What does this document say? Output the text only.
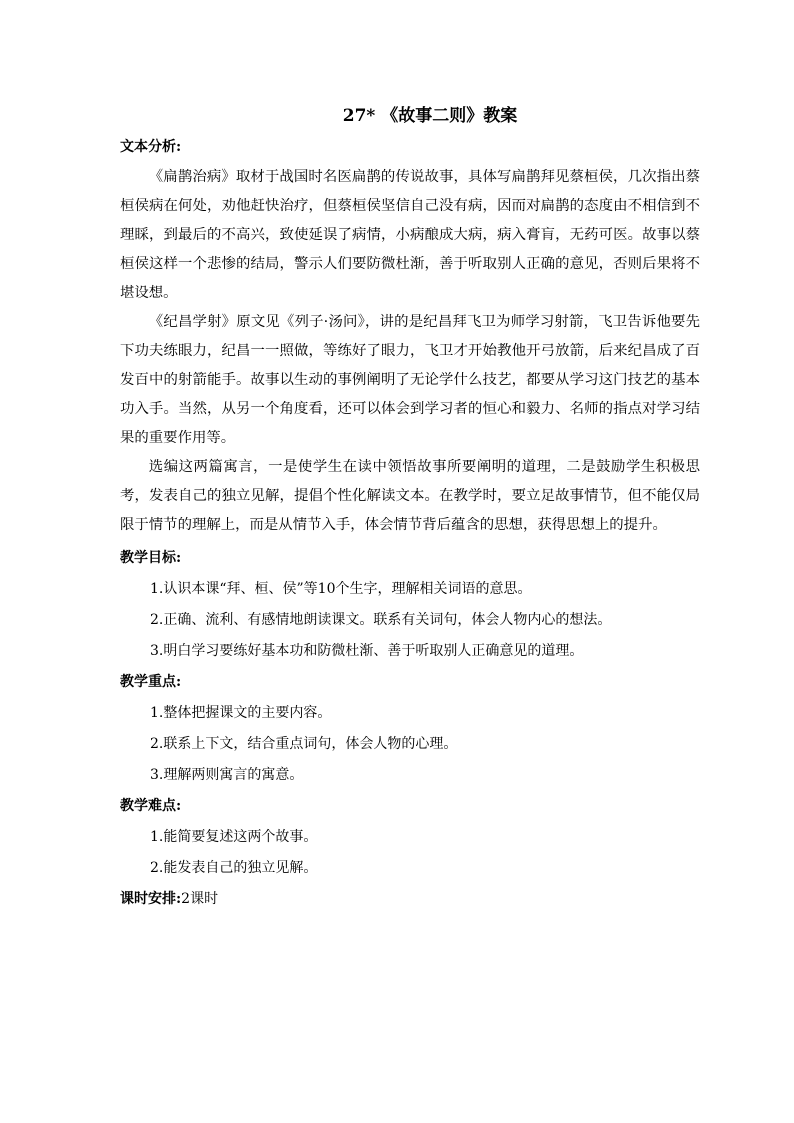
27* 《故事二则》教案
文本分析:

《扁鹊治病》取材于战国时名医扁鹊的传说故事，具体写扁鹊拜见蔡桓侯，几次指出蔡桓侯病在何处，劝他赶快治疗，但蔡桓侯坚信自己没有病，因而对扁鹊的态度由不相信到不理睬，到最后的不高兴，致使延误了病情，小病酿成大病，病入膏肓，无药可医。故事以蔡桓侯这样一个悲惨的结局，警示人们要防微杜渐，善于听取别人正确的意见，否则后果将不堪设想。

《纪昌学射》原文见《列子·汤问》，讲的是纪昌拜飞卫为师学习射箭，飞卫告诉他要先下功夫练眼力，纪昌一一照做，等练好了眼力，飞卫才开始教他开弓放箭，后来纪昌成了百发百中的射箭能手。故事以生动的事例阐明了无论学什么技艺，都要从学习这门技艺的基本功入手。当然，从另一个角度看，还可以体会到学习者的恒心和毅力、名师的指点对学习结果的重要作用等。

选编这两篇寓言，一是使学生在读中领悟故事所要阐明的道理，二是鼓励学生积极思考，发表自己的独立见解，提倡个性化解读文本。在教学时，要立足故事情节，但不能仅局限于情节的理解上，而是从情节入手，体会情节背后蕴含的思想，获得思想上的提升。

教学目标:
1.认识本课“拜、桓、侯”等10个生字，理解相关词语的意思。
2.正确、流利、有感情地朗读课文。联系有关词句，体会人物内心的想法。
3.明白学习要练好基本功和防微杜渐、善于听取别人正确意见的道理。
教学重点:
1.整体把握课文的主要内容。
2.联系上下文，结合重点词句，体会人物的心理。
3.理解两则寓言的寓意。
教学难点:
1.能简要复述这两个故事。
2.能发表自己的独立见解。
课时安排:2课时
